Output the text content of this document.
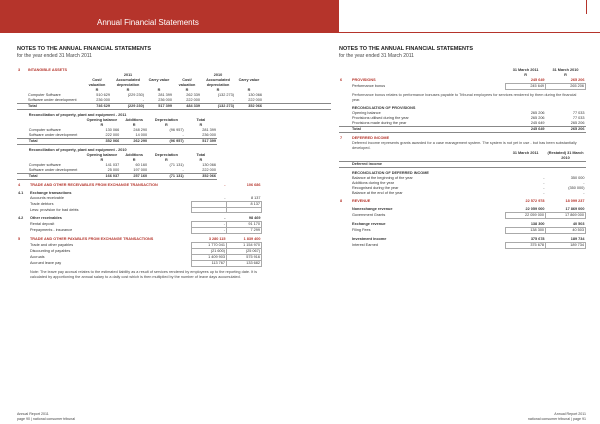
Annual Financial Statements
NOTES TO THE ANNUAL FINANCIAL STATEMENTS
for the year ended 31 March 2011
3	INTANGIBLE ASSETS							
		2011			2010			
		Cost/ valuation	Accumulated depreciation	Carry value	Cost/ valuation	Accumulated depreciation	Carry value	
		R	R	R	R	R	R	
	Computer Software	510 629	(229 230)	281 399	262 339	(132 273)	130 066	
	Software under development	236 000	-	236 000	222 000	-	222 000	
	Total	746 629	(229 230)	517 399	484 339	(132 273)	352 066	
	Reconciliation of property, plant and equipment - 2011				
		Opening balance	Additions	Depreciation	Total
		R	R	R	R
	Computer software	130 066	248 290	(96 957)	281 399
	Software under development	222 000	14 000	-	236 000
	Total	352 066	262 290	(96 957)	517 399
	Reconciliation of property, plant and equipment - 2010				
		Opening balance	Additions	Depreciation	Total
		R	R	R	R
	Computer software	141 037	60 160	(71 131)	130 066
	Software under development	25 000	197 000	-	222 000
	Total	166 037	257 160	(71 131)	352 066
4	TRADE AND OTHER RECEIVABLES FROM EXCHANGE TRANSACTION	-	106 686

4.1	Exchange transactions		
	Accounts receivable	-	8 137
	Trade debtors		8 137
	Less: provision for bad debts		

4.2	Other receivables	-	98 469
	Rental deposit	-	91 170
	Prepayments - insurance	-	7 299

5	TRADE AND OTHER PAYABLES FROM EXCHANGE TRANSACTIONS	3 280 115	1 839 400
	Trade and other payables	1 770 041	1 154 970
	Discounting of payables	(21 600)	(25 067)
	Accruals	1 409 903	575 916
	Accrued leave pay	113 767	133 682

	Note: The leave pay accrual relates to the estimated liability as a result of services rendered by employees up to the reporting date. It is calculated by apportioning the annual salary to a daily cost which is then multiplied by the number of leave days accumulated.		
NOTES TO THE ANNUAL FINANCIAL STATEMENTS
for the year ended 31 March 2011
		31 March 2011	31 March 2010
		R	R
6	PROVISIONS	245 649	265 206
	Performance bonus	245 649	265 206

	Performance bonus relates to performance bonuses payable to Tribunal employees for services rendered by them during the financial year.		

	RECONCILIATION OF PROVISIONS		
	Opening balance	265 206	77 033
	Provisions utilised during the year	265 206	77 033
	Provisions made during the year	245 649	265 206
	Total	245 649	265 206

7	DEFERRED INCOME		
	Deferred income represents grants awarded for a case management system. The system is not yet in use - but has been substantially developed.		
		31 March 2011	(Restated) 31 March 2010
	Deferred income		

	RECONCILIATION OF DEFERRED INCOME		
	Balance at the beginning of the year	-	350 000
	Additions during the year	-	-
	Recognised during the year	-	(350 000)
	Balance at the end of the year	-	-

8	REVENUE	22 572 978	18 099 237

	Nonexchange revenue	22 059 000	17 869 000
	Government Grants	22 059 000	17 869 000

	Exchange revenue	138 300	40 503
	Filing Fees	138 300	40 503

	Investment income	375 678	189 734
	Interest Earned	375 678	189 734
Annual Report 2011
page 90 | national consumer tribunal
Annual Report 2011
national consumer tribunal | page 91
